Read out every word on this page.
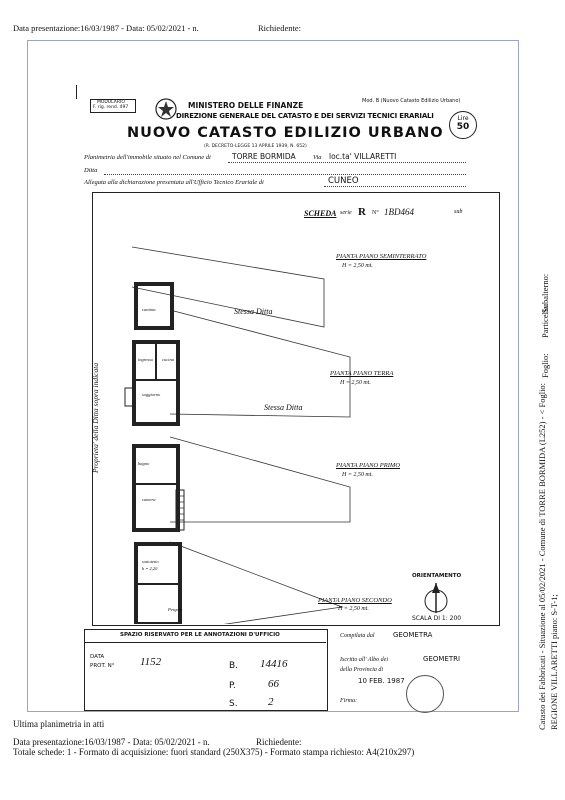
Data presentazione:16/03/1987 - Data: 05/02/2021 - n.	Richiedente:
MODULARIO
F. rig. rend. 497	MINISTERO DELLE FINANZE
DIREZIONE GENERALE DEL CATASTO E DEI SERVIZI TECNICI ERARIALI
Mod. B (Nuovo Catasto Edilizio Urbano)
NUOVO CATASTO EDILIZIO URBANO
(R. DECRETO-LEGGE 13 APRILE 1939, N. 652)
Lire
50
Planimetria dell'immobile situato nel Comune di	TORRE BORMIDA	Via loc.ta' VILLARETTI
Ditta
Allegata alla dichiarazione presentata all'Ufficio Tecnico Erariale di	CUNEO
SCHEDA serie R N° 1BD464	sub
cantina
ingresso cucina
soggiorno
bagno
camera
sottotetto
h = 2,20
Pergola
Proprieta' della Ditta sopra indicata
Stessa Ditta
Stessa Ditta
PIANTA PIANO SEMINTERRATO
H = 2,50 mt.
PIANTA PIANO TERRA
H = 2,50 mt.
PIANTA PIANO PRIMO
H = 2,50 mt.
PIANTA PIANO SECONDO
H = 2,50 mt.
ORIENTAMENTO
SCALA DI 1: 200
SPAZIO RISERVATO PER LE ANNOTAZIONI D'UFFICIO
DATA
PROT. N° 1152	B. 14416
P.	66
S.	2
Compilata dal	GEOMETRA
Iscritto all' Albo dei	GEOMETRI
della Provincia di
10 FEB. 1987
Firma:
Subalterno:
Particella:
Foglio:
Catasto dei Fabbricati - Situazione al 05/02/2021 - Comune di TORRE BORMIDA (L252) - < Foglio: REGIONE VILLARETTI piano: S-T-1;
Ultima planimetria in atti
Data presentazione:16/03/1987 - Data: 05/02/2021 - n.	Richiedente:
Totale schede: 1 - Formato di acquisizione: fuori standard (250X375) - Formato stampa richiesto: A4(210x297)
